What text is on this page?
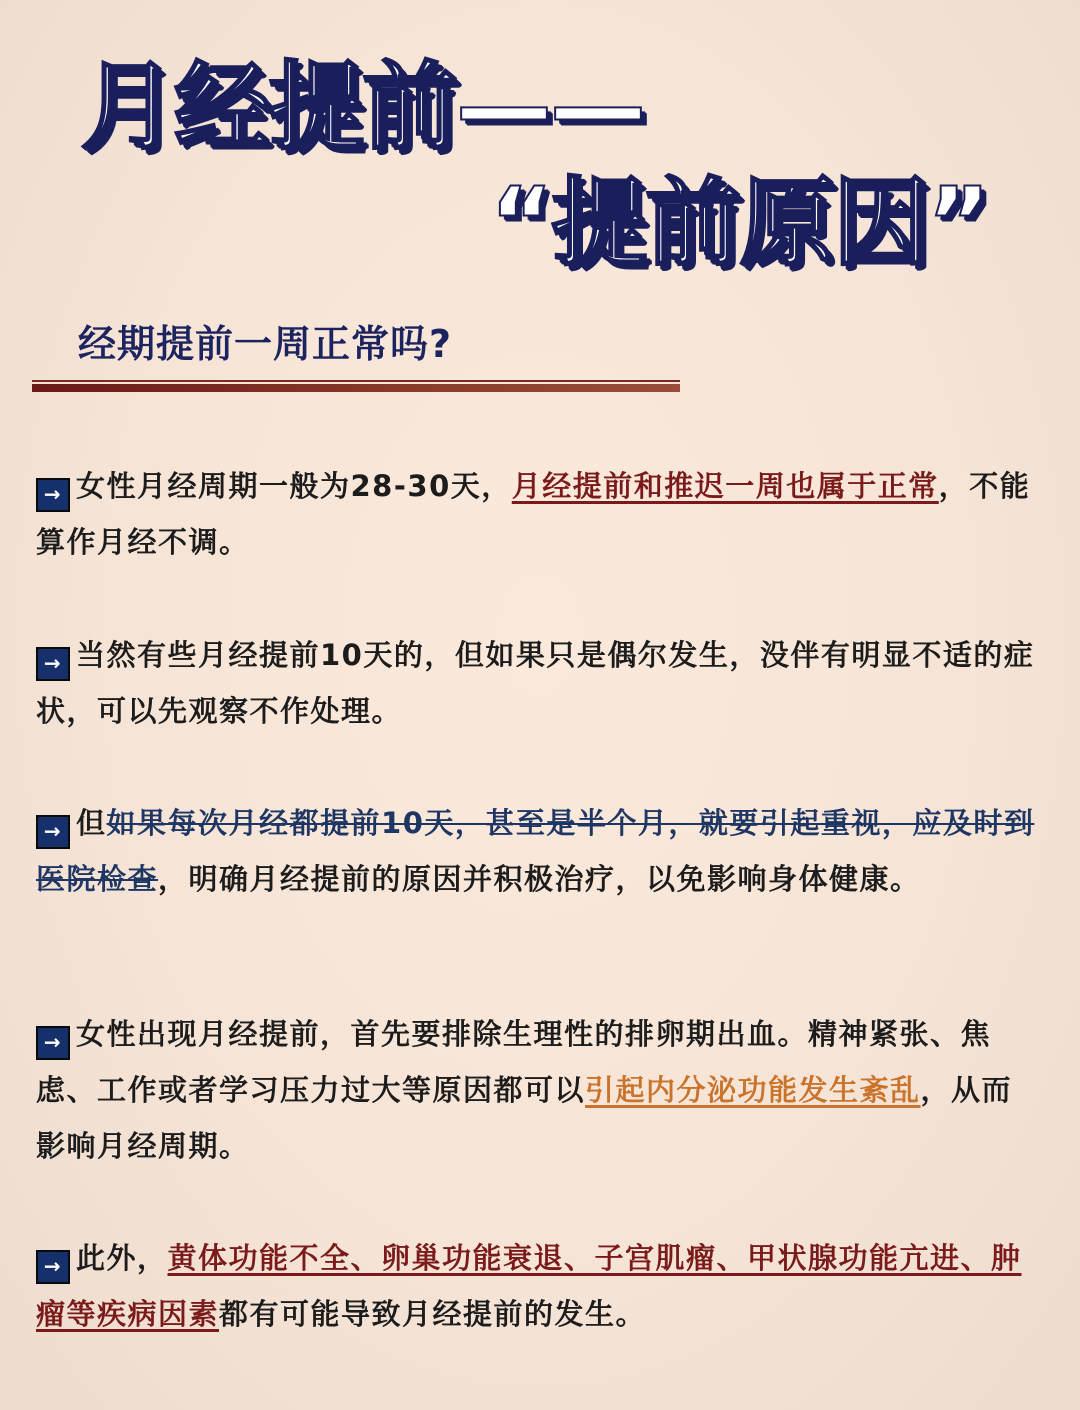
月经提前——
“提前原因”
经期提前一周正常吗?
→ 女性月经周期一般为28-30天，月经提前和推迟一周也属于正常，不能算作月经不调。
→ 当然有些月经提前10天的，但如果只是偶尔发生，没伴有明显不适的症状，可以先观察不作处理。
→ 但如果每次月经都提前10天，甚至是半个月，就要引起重视，应及时到医院检查，明确月经提前的原因并积极治疗，以免影响身体健康。
→ 女性出现月经提前，首先要排除生理性的排卵期出血。精神紧张、焦虑、工作或者学习压力过大等原因都可以引起内分泌功能发生紊乱，从而影响月经周期。
→ 此外，黄体功能不全、卵巢功能衰退、子宫肌瘤、甲状腺功能亢进、肿瘤等疾病因素都有可能导致月经提前的发生。
